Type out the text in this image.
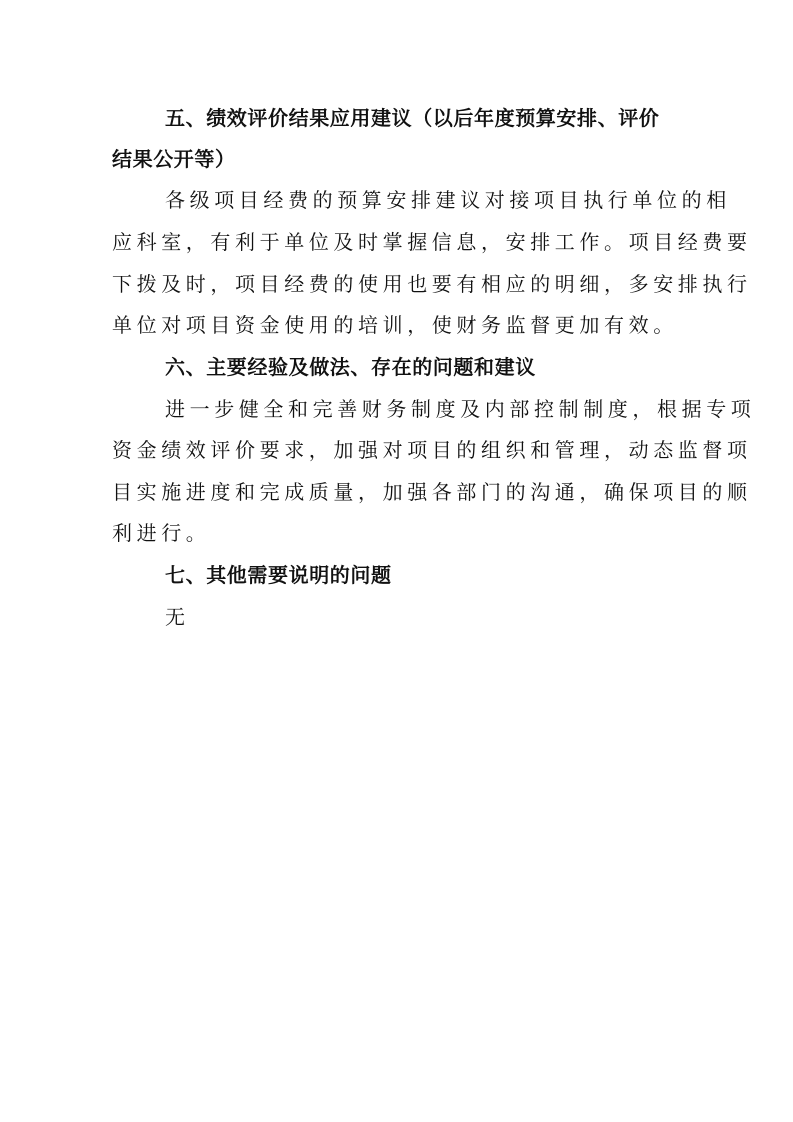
五、绩效评价结果应用建议（以后年度预算安排、评价

结果公开等）

各级项目经费的预算安排建议对接项目执行单位的相

应科室，有利于单位及时掌握信息，安排工作。项目经费要

下拨及时，项目经费的使用也要有相应的明细，多安排执行

单位对项目资金使用的培训，使财务监督更加有效。

六、主要经验及做法、存在的问题和建议

进一步健全和完善财务制度及内部控制制度，根据专项

资金绩效评价要求，加强对项目的组织和管理，动态监督项

目实施进度和完成质量，加强各部门的沟通，确保项目的顺

利进行。

七、其他需要说明的问题

无
